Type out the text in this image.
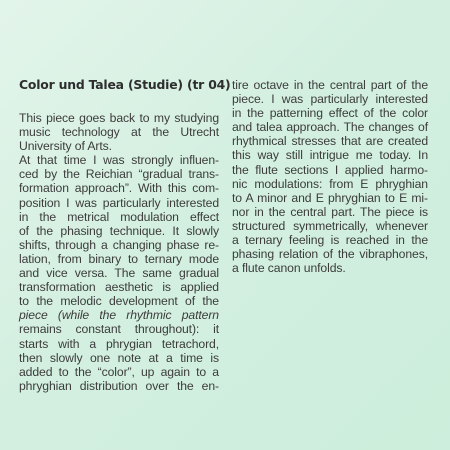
Color und Talea (Studie) (tr 04)
This piece goes back to my studying
music technology at the Utrecht
University of Arts.
At that time I was strongly influen-
ced by the Reichian “gradual trans-
formation approach”. With this com-
position I was particularly interested
in the metrical modulation effect
of the phasing technique. It slowly
shifts, through a changing phase re-
lation, from binary to ternary mode
and vice versa. The same gradual
transformation aesthetic is applied
to the melodic development of the
piece (while the rhythmic pattern
remains constant throughout): it
starts with a phrygian tetrachord,
then slowly one note at a time is
added to the “color”, up again to a
phryghian distribution over the en-
tire octave in the central part of the
piece. I was particularly interested
in the patterning effect of the color
and talea approach. The changes of
rhythmical stresses that are created
this way still intrigue me today. In
the flute sections I applied harmo-
nic modulations: from E phryghian
to A minor and E phryghian to E mi-
nor in the central part. The piece is
structured symmetrically, whenever
a ternary feeling is reached in the
phasing relation of the vibraphones,
a flute canon unfolds.
